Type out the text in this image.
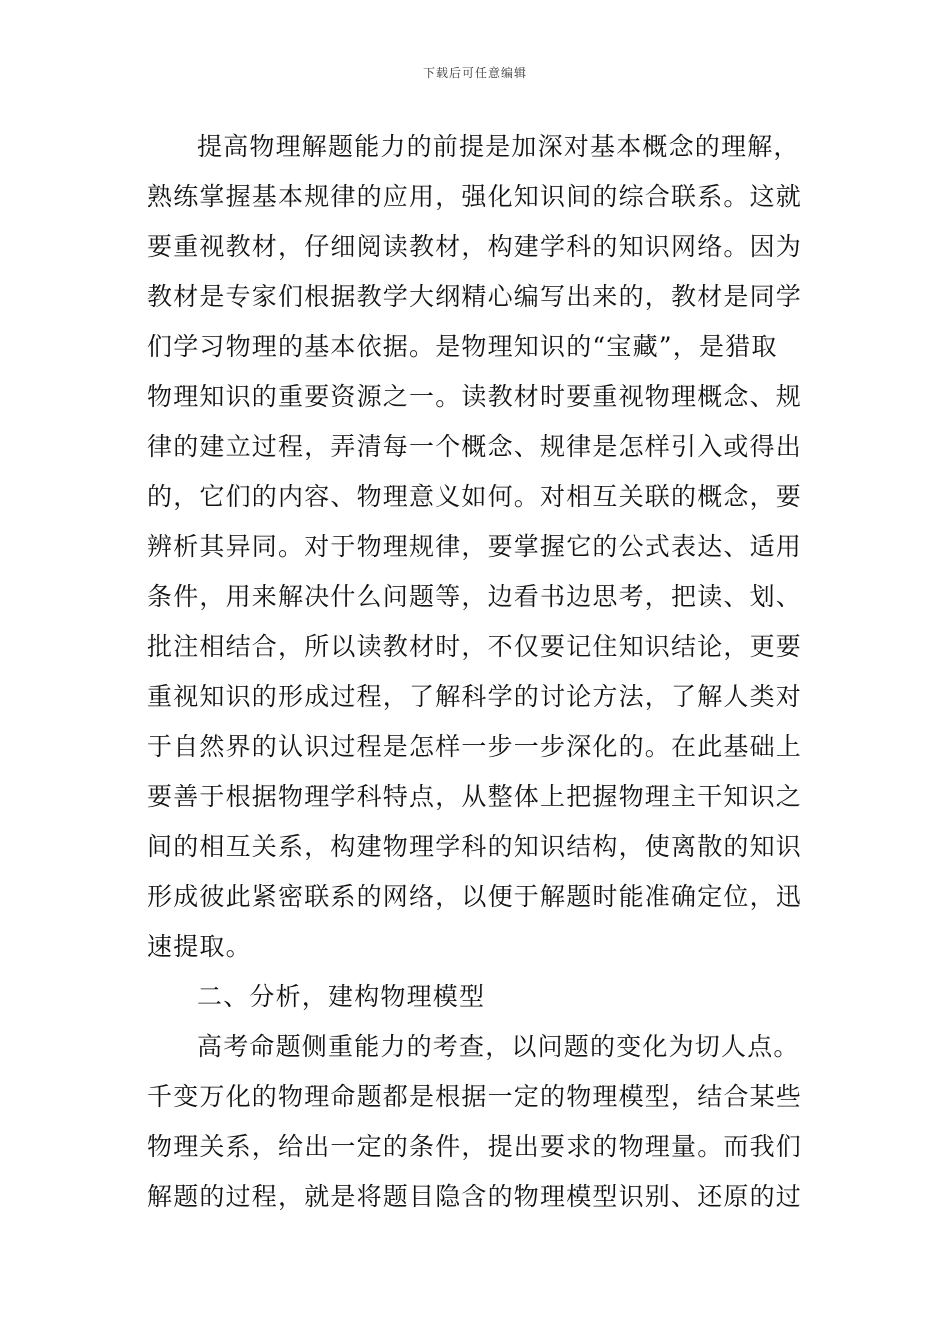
下载后可任意编辑
提高物理解题能力的前提是加深对基本概念的理解，
熟练掌握基本规律的应用，强化知识间的综合联系。这就
要重视教材，仔细阅读教材，构建学科的知识网络。因为
教材是专家们根据教学大纲精心编写出来的，教材是同学
们学习物理的基本依据。是物理知识的“宝藏”，是猎取
物理知识的重要资源之一。读教材时要重视物理概念、规
律的建立过程，弄清每一个概念、规律是怎样引入或得出
的，它们的内容、物理意义如何。对相互关联的概念，要
辨析其异同。对于物理规律，要掌握它的公式表达、适用
条件，用来解决什么问题等，边看书边思考，把读、划、
批注相结合，所以读教材时，不仅要记住知识结论，更要
重视知识的形成过程，了解科学的讨论方法，了解人类对
于自然界的认识过程是怎样一步一步深化的。在此基础上
要善于根据物理学科特点，从整体上把握物理主干知识之
间的相互关系，构建物理学科的知识结构，使离散的知识
形成彼此紧密联系的网络，以便于解题时能准确定位，迅
速提取。
二、分析，建构物理模型
高考命题侧重能力的考查，以问题的变化为切人点。
千变万化的物理命题都是根据一定的物理模型，结合某些
物理关系，给出一定的条件，提出要求的物理量。而我们
解题的过程，就是将题目隐含的物理模型识别、还原的过
